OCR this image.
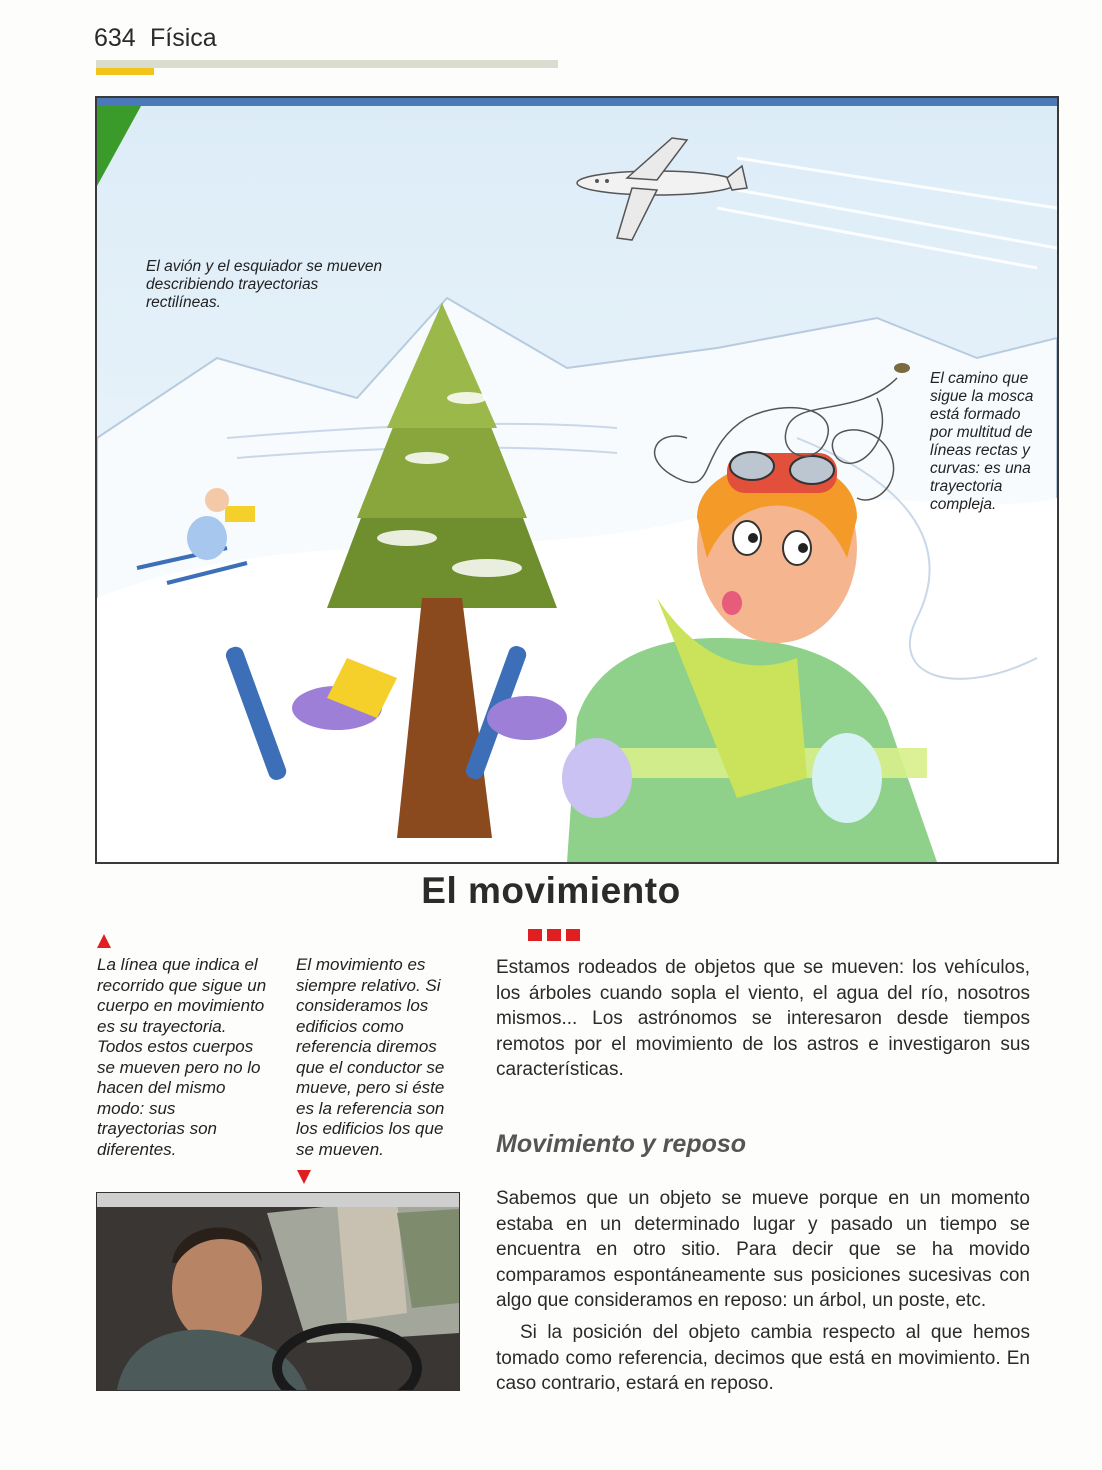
634 Física
El avión y el esquiador se mueven describiendo trayectorias rectilíneas.
El camino que sigue la mosca está formado por multitud de líneas rectas y curvas: es una trayectoria compleja.
El movimiento
La línea que indica el recorrido que sigue un cuerpo en movimiento es su trayectoria. Todos estos cuerpos se mueven pero no lo hacen del mismo modo: sus trayectorias son diferentes.
El movimiento es siempre relativo. Si consideramos los edificios como referencia diremos que el conductor se mueve, pero si éste es la referencia son los edificios los que se mueven.
Estamos rodeados de objetos que se mueven: los vehículos, los árboles cuando sopla el viento, el agua del río, nosotros mismos... Los astrónomos se interesaron desde tiempos remotos por el movimiento de los astros e investigaron sus características.
Movimiento y reposo
Sabemos que un objeto se mueve porque en un momento estaba en un determinado lugar y pasado un tiempo se encuentra en otro sitio. Para decir que se ha movido comparamos espontáneamente sus posiciones sucesivas con algo que consideramos en reposo: un árbol, un poste, etc.
Si la posición del objeto cambia respecto al que hemos tomado como referencia, decimos que está en movimiento. En caso contrario, estará en reposo.
